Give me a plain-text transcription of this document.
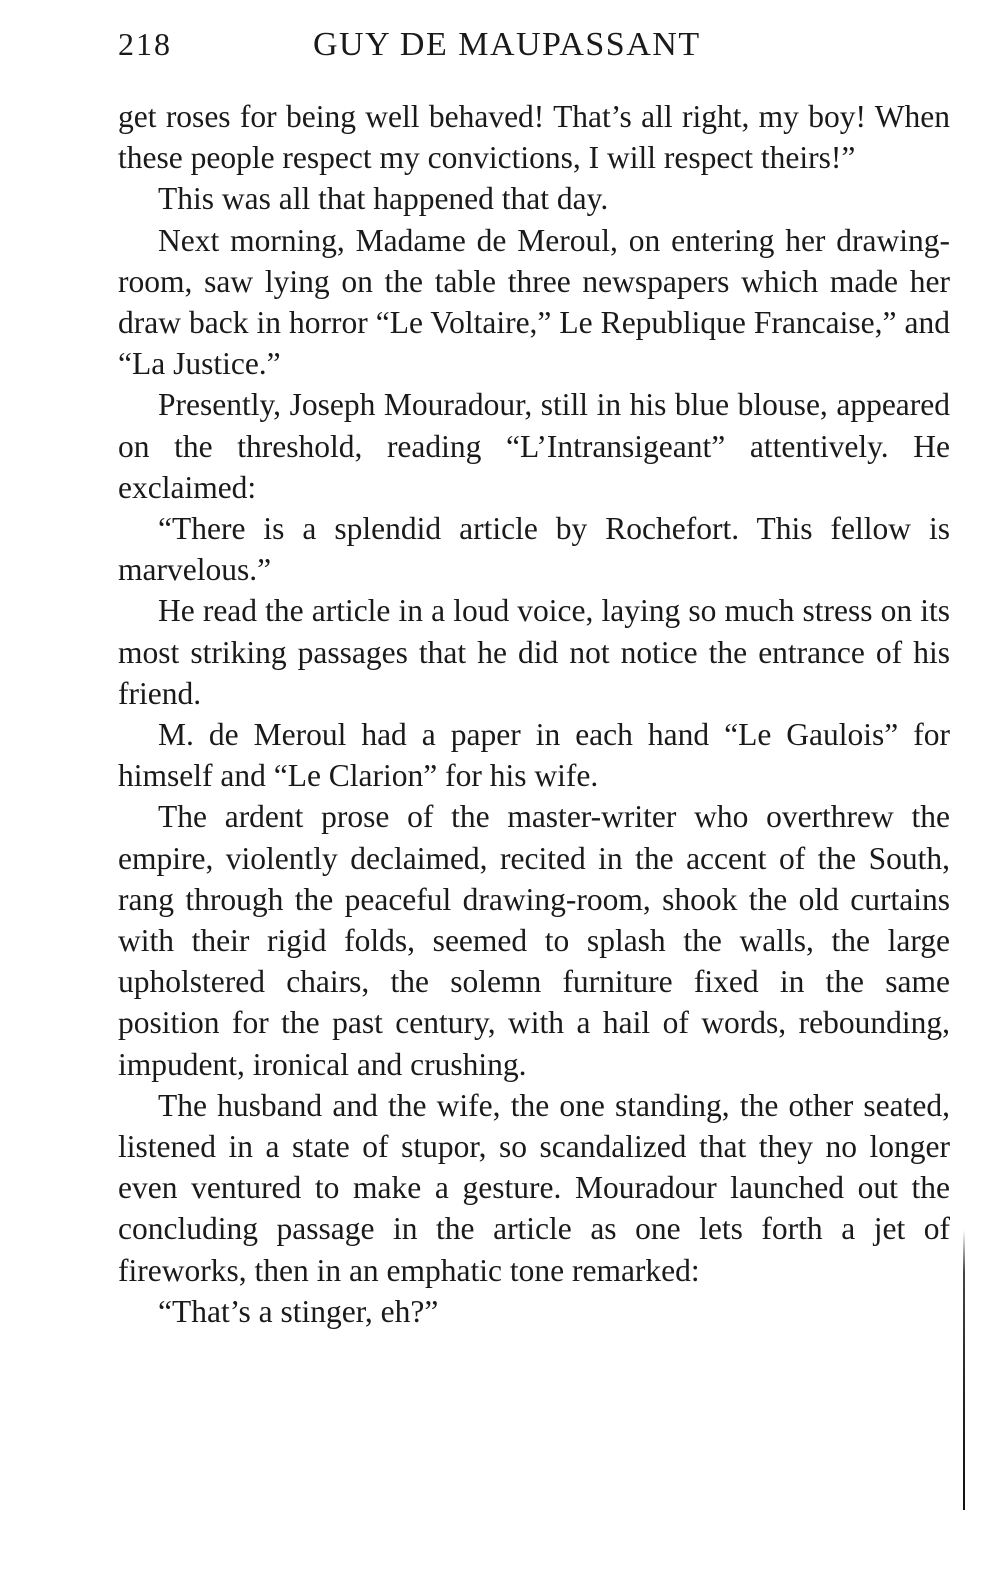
218	GUY DE MAUPASSANT

get roses for being well behaved! That’s all right, my boy! When these people respect my convictions, I will respect theirs!”

This was all that happened that day.

Next morning, Madame de Meroul, on entering her drawing-room, saw lying on the table three newspapers which made her draw back in horror “Le Voltaire,” Le Republique Francaise,” and “La Justice.”

Presently, Joseph Mouradour, still in his blue blouse, appeared on the threshold, reading “L’Intransigeant” attentively. He exclaimed:

“There is a splendid article by Rochefort. This fellow is marvelous.”

He read the article in a loud voice, laying so much stress on its most striking passages that he did not notice the entrance of his friend.

M. de Meroul had a paper in each hand “Le Gaulois” for himself and “Le Clarion” for his wife.

The ardent prose of the master-writer who overthrew the empire, violently declaimed, recited in the accent of the South, rang through the peaceful drawing-room, shook the old curtains with their rigid folds, seemed to splash the walls, the large upholstered chairs, the solemn furniture fixed in the same position for the past century, with a hail of words, rebounding, impudent, ironical and crushing.

The husband and the wife, the one standing, the other seated, listened in a state of stupor, so scandalized that they no longer even ventured to make a gesture. Mouradour launched out the concluding passage in the article as one lets forth a jet of fireworks, then in an emphatic tone remarked:

“That’s a stinger, eh?”
